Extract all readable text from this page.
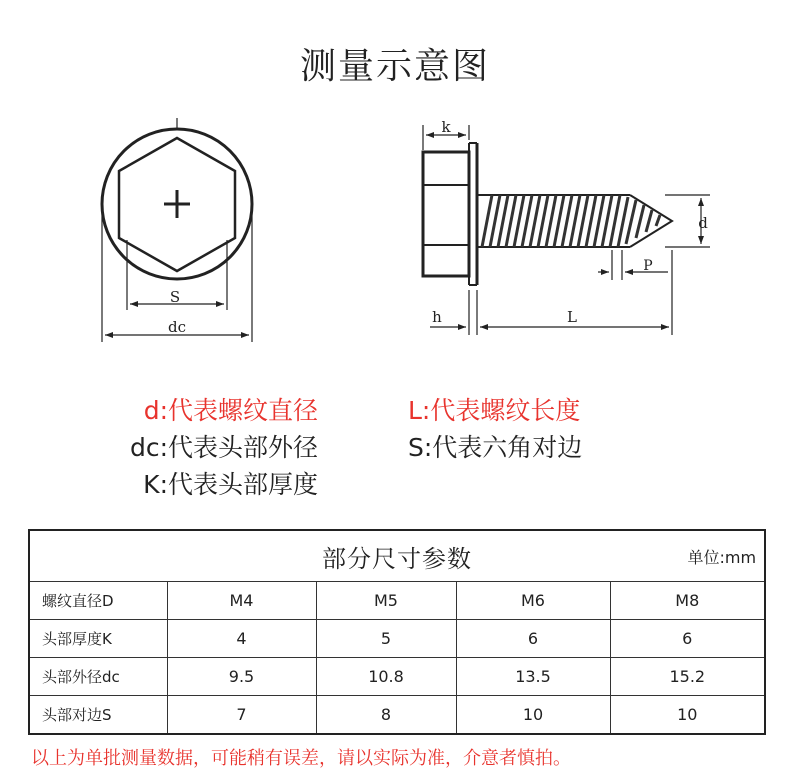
测量示意图
S
dc
k
d
P
h	L
d:代表螺纹直径
dc:代表头部外径
K:代表头部厚度
L:代表螺纹长度
S:代表六角对边
部分尺寸参数 单位:mm				

螺纹直径D	M4	M5	M6	M8
头部厚度K	4	5	6	6
头部外径dc	9.5	10.8	13.5	15.2
头部对边S	7	8	10	10
以上为单批测量数据，可能稍有误差，请以实际为准，介意者慎拍。
